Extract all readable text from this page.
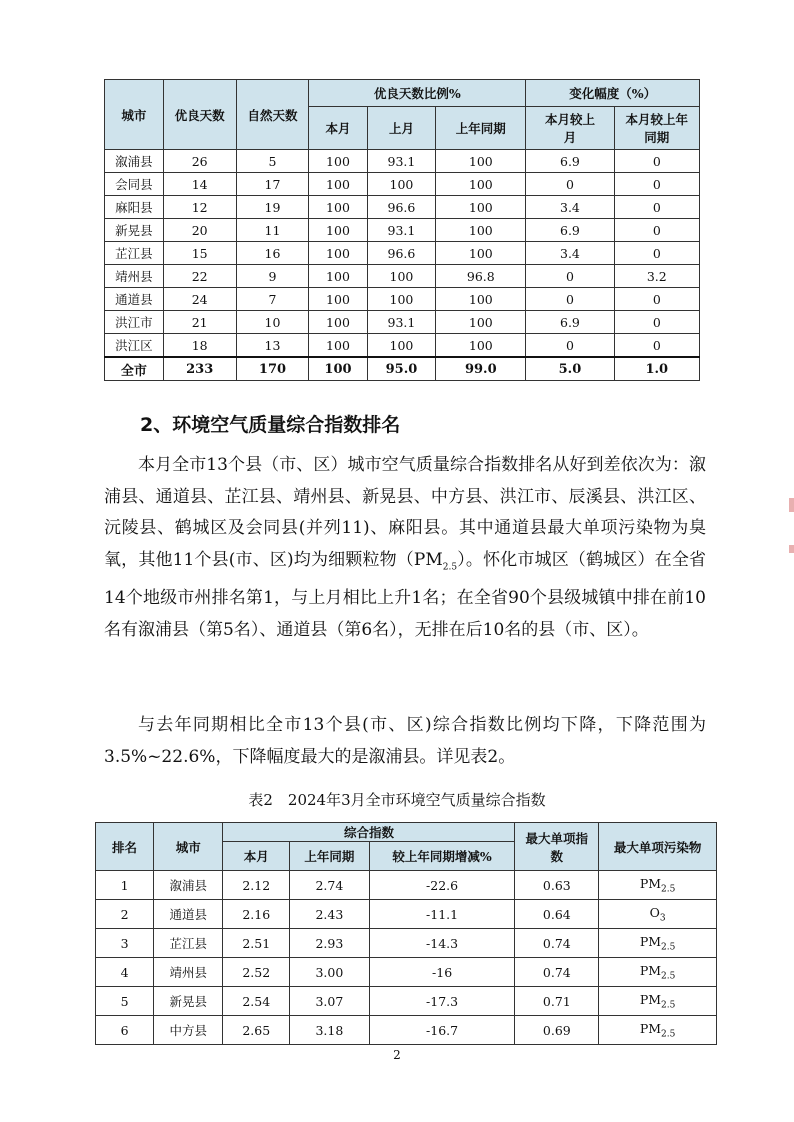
城市	优良天数	自然天数	优良天数比例%			变化幅度（%）	
			本月	上月	上年同期	本月较上月	本月较上年同期
溆浦县	26	5	100	93.1	100	6.9	0
会同县	14	17	100	100	100	0	0
麻阳县	12	19	100	96.6	100	3.4	0
新晃县	20	11	100	93.1	100	6.9	0
芷江县	15	16	100	96.6	100	3.4	0
靖州县	22	9	100	100	96.8	0	3.2
通道县	24	7	100	100	100	0	0
洪江市	21	10	100	93.1	100	6.9	0
洪江区	18	13	100	100	100	0	0
全市	233	170	100	95.0	99.0	5.0	1.0
2、环境空气质量综合指数排名

本月全市13个县（市、区）城市空气质量综合指数排名从好到差依次为：溆浦县、通道县、芷江县、靖州县、新晃县、中方县、洪江市、辰溪县、洪江区、沅陵县、鹤城区及会同县(并列11)、麻阳县。其中通道县最大单项污染物为臭氧，其他11个县(市、区)均为细颗粒物$(PM_{2.5})$。怀化市城区（鹤城区）在全省14个地级市州排名第1，与上月相比上升1名；在全省90个县级城镇中排在前10名有溆浦县（第5名）、通道县（第6名），无排在后10名的县（市、区）。

与去年同期相比全市13个县(市、区)综合指数比例均下降，下降范围为3.5%~22.6%，下降幅度最大的是溆浦县。详见表2。

表2　2024年3月全市环境空气质量综合指数

排名	城市	综合指数			最大单项指数	最大单项污染物
		本月	上年同期	较上年同期增减%		
1	溆浦县	2.12	2.74	-22.6	0.63	$PM_{2.5}$
2	通道县	2.16	2.43	-11.1	0.64	$O_3$
3	芷江县	2.51	2.93	-14.3	0.74	$PM_{2.5}$
4	靖州县	2.52	3.00	-16	0.74	$PM_{2.5}$
5	新晃县	2.54	3.07	-17.3	0.71	$PM_{2.5}$
6	中方县	2.65	3.18	-16.7	0.69	$PM_{2.5}$
2
